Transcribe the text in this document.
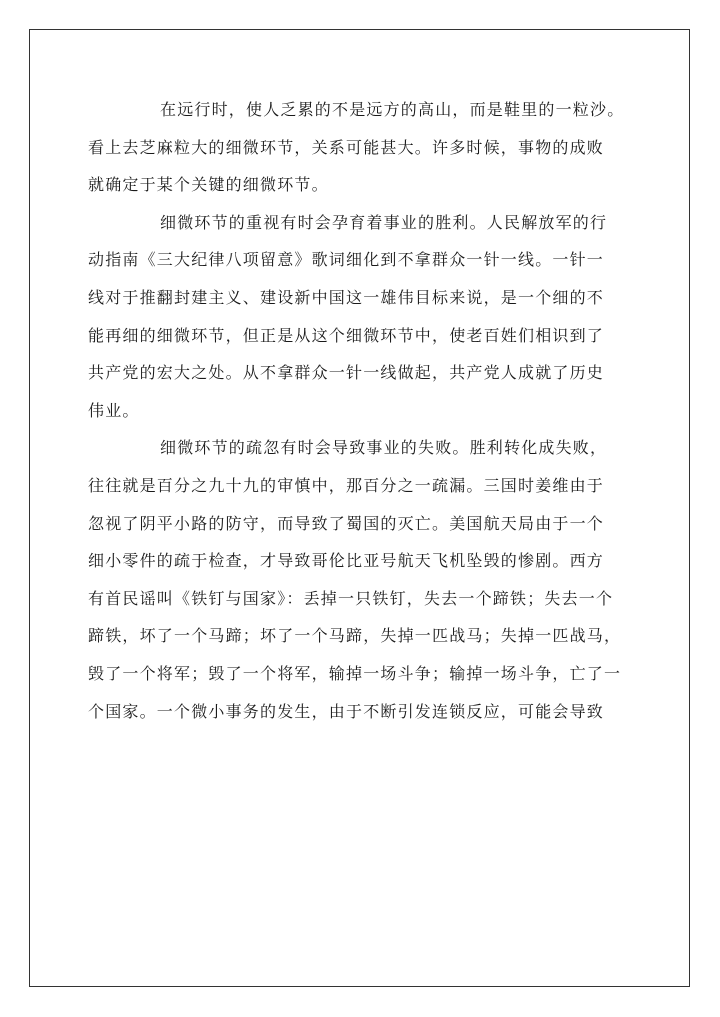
在远行时，使人乏累的不是远方的高山，而是鞋里的一粒沙。
看上去芝麻粒大的细微环节，关系可能甚大。许多时候，事物的成败
就确定于某个关键的细微环节。
细微环节的重视有时会孕育着事业的胜利。人民解放军的行
动指南《三大纪律八项留意》歌词细化到不拿群众一针一线。一针一
线对于推翻封建主义、建设新中国这一雄伟目标来说，是一个细的不
能再细的细微环节，但正是从这个细微环节中，使老百姓们相识到了
共产党的宏大之处。从不拿群众一针一线做起，共产党人成就了历史
伟业。
细微环节的疏忽有时会导致事业的失败。胜利转化成失败，
往往就是百分之九十九的审慎中，那百分之一疏漏。三国时姜维由于
忽视了阴平小路的防守，而导致了蜀国的灭亡。美国航天局由于一个
细小零件的疏于检查，才导致哥伦比亚号航天飞机坠毁的惨剧。西方
有首民谣叫《铁钉与国家》：丢掉一只铁钉，失去一个蹄铁；失去一个
蹄铁，坏了一个马蹄；坏了一个马蹄，失掉一匹战马；失掉一匹战马，
毁了一个将军；毁了一个将军，输掉一场斗争；输掉一场斗争，亡了一
个国家。一个微小事务的发生，由于不断引发连锁反应，可能会导致
